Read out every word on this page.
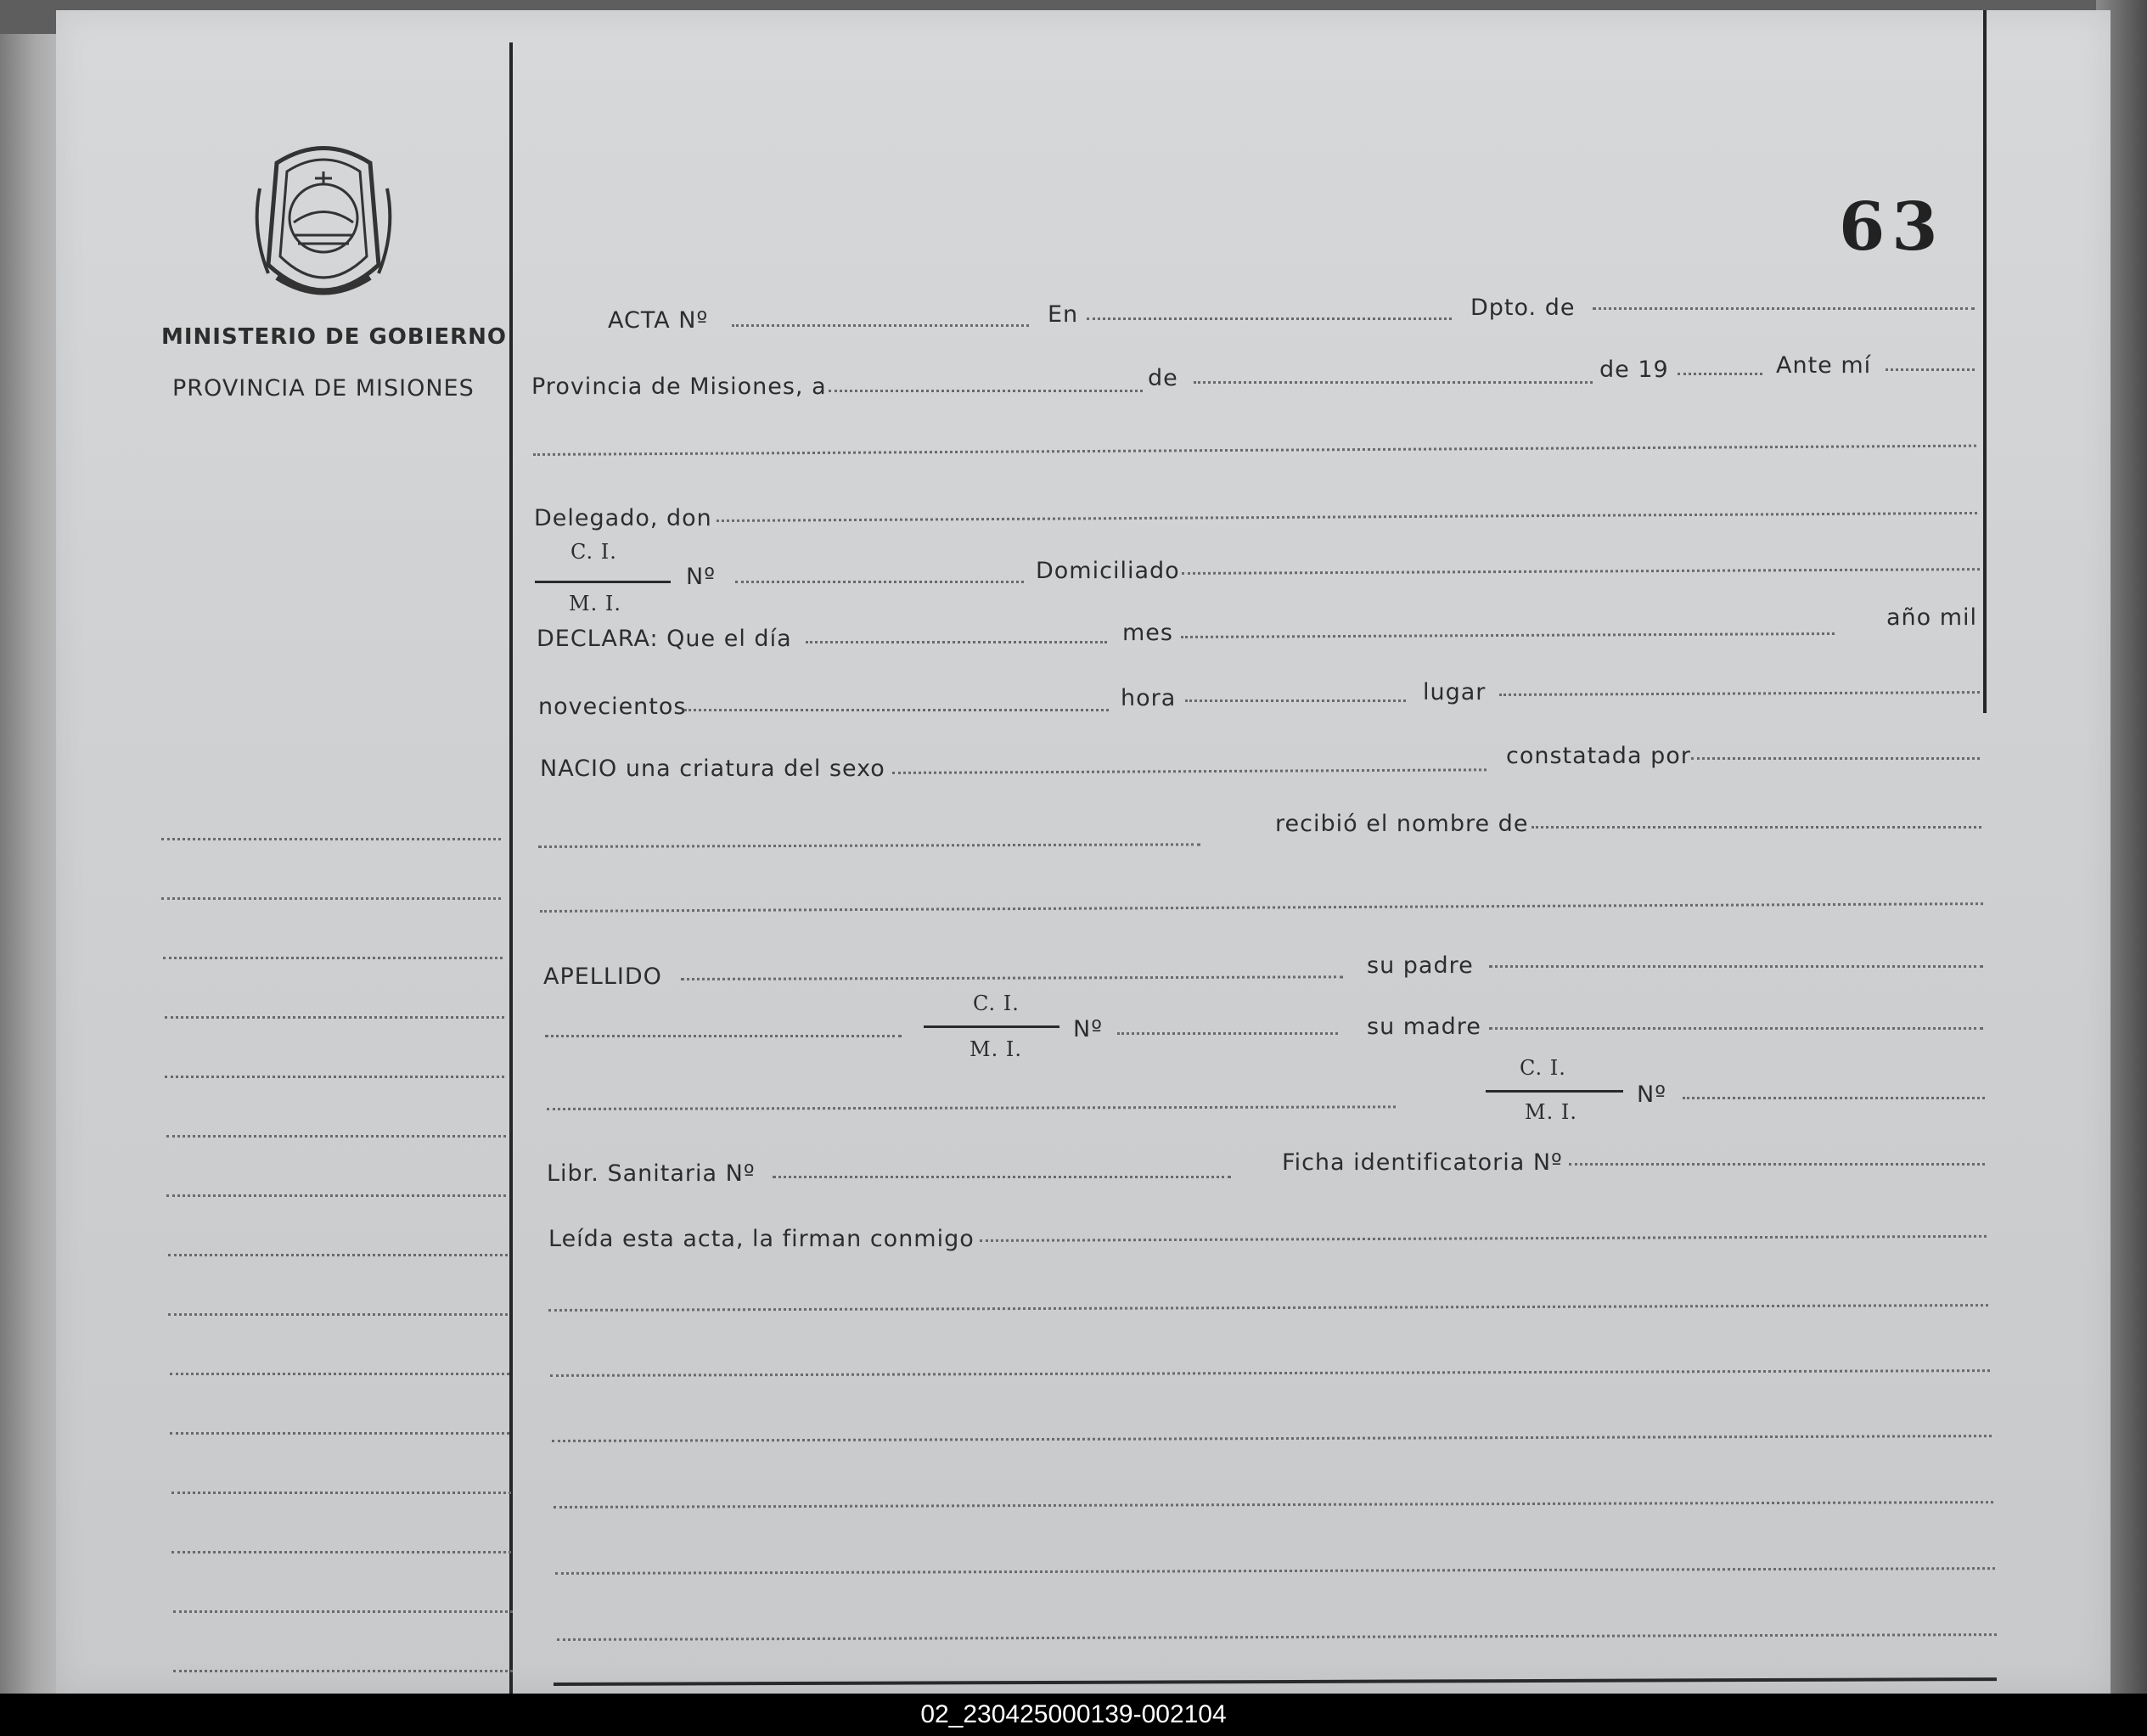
63
MINISTERIO DE GOBIERNO
PROVINCIA DE MISIONES
ACTA Nº	En	Dpto. de
Provincia de Misiones, a	de	de 19	Ante mí
Delegado, don
C. I.
M. I.
Nº	Domiciliado
DECLARA: Que el día	mes
año mil
novecientos	hora	lugar
NACIO una criatura del sexo	constatada por
recibió el nombre de
APELLIDO	su padre
C. I.
M. I.
Nº	su madre
C. I.
M. I.
Nº
Libr. Sanitaria Nº	Ficha identificatoria Nº
Leída esta acta, la firman conmigo
02_230425000139-002104
